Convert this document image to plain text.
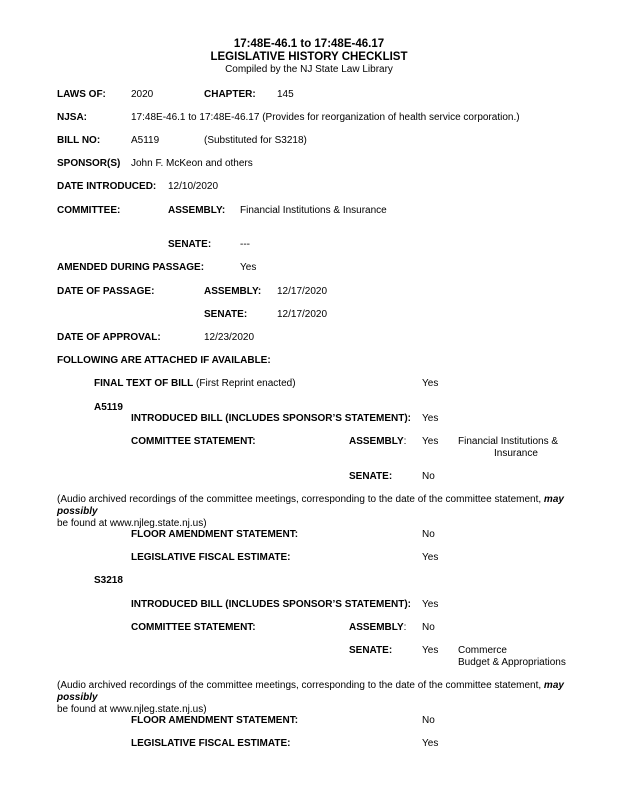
17:48E-46.1 to 17:48E-46.17
LEGISLATIVE HISTORY CHECKLIST
Compiled by the NJ State Law Library
LAWS OF:	2020	CHAPTER: 145
NJSA:	17:48E-46.1 to 17:48E-46.17 (Provides for reorganization of health service corporation.)
BILL NO:	A5119	(Substituted for S3218)
SPONSOR(S) John F. McKeon and others
DATE INTRODUCED: 12/10/2020
COMMITTEE:	ASSEMBLY: Financial Institutions & Insurance
SENATE:	---
AMENDED DURING PASSAGE:	Yes
DATE OF PASSAGE:	ASSEMBLY: 12/17/2020
SENATE:	12/17/2020
DATE OF APPROVAL:	12/23/2020
FOLLOWING ARE ATTACHED IF AVAILABLE:
FINAL TEXT OF BILL (First Reprint enacted)	Yes
A5119
INTRODUCED BILL (INCLUDES SPONSOR’S STATEMENT): Yes
COMMITTEE STATEMENT:	ASSEMBLY: Yes Financial Institutions &
Insurance
SENATE:	No
(Audio archived recordings of the committee meetings, corresponding to the date of the committee statement, may possibly
be found at www.njleg.state.nj.us)
FLOOR AMENDMENT STATEMENT:	No
LEGISLATIVE FISCAL ESTIMATE:	Yes
S3218
INTRODUCED BILL (INCLUDES SPONSOR’S STATEMENT): Yes
COMMITTEE STATEMENT:	ASSEMBLY: No
SENATE:	Yes Commerce
Budget & Appropriations
(Audio archived recordings of the committee meetings, corresponding to the date of the committee statement, may possibly
be found at www.njleg.state.nj.us)
FLOOR AMENDMENT STATEMENT:	No
LEGISLATIVE FISCAL ESTIMATE:	Yes
